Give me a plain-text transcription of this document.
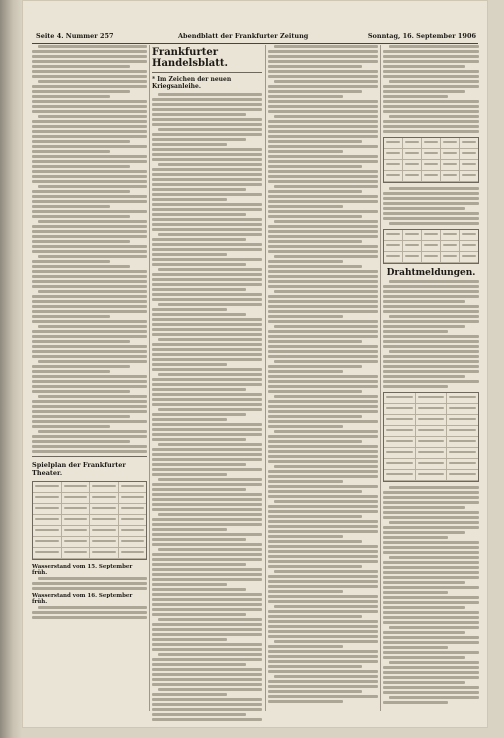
Seite 4. Nummer 257	Abendblatt der Frankfurter Zeitung	Sonntag, 16. September 1906
Spielplan der Frankfurter Theater.
Wasserstand vom 15. September früh.
Wasserstand vom 16. September früh.
Frankfurter Handelsblatt.
* Im Zeichen der neuen Kriegsanleihe.
Drahtmeldungen.
